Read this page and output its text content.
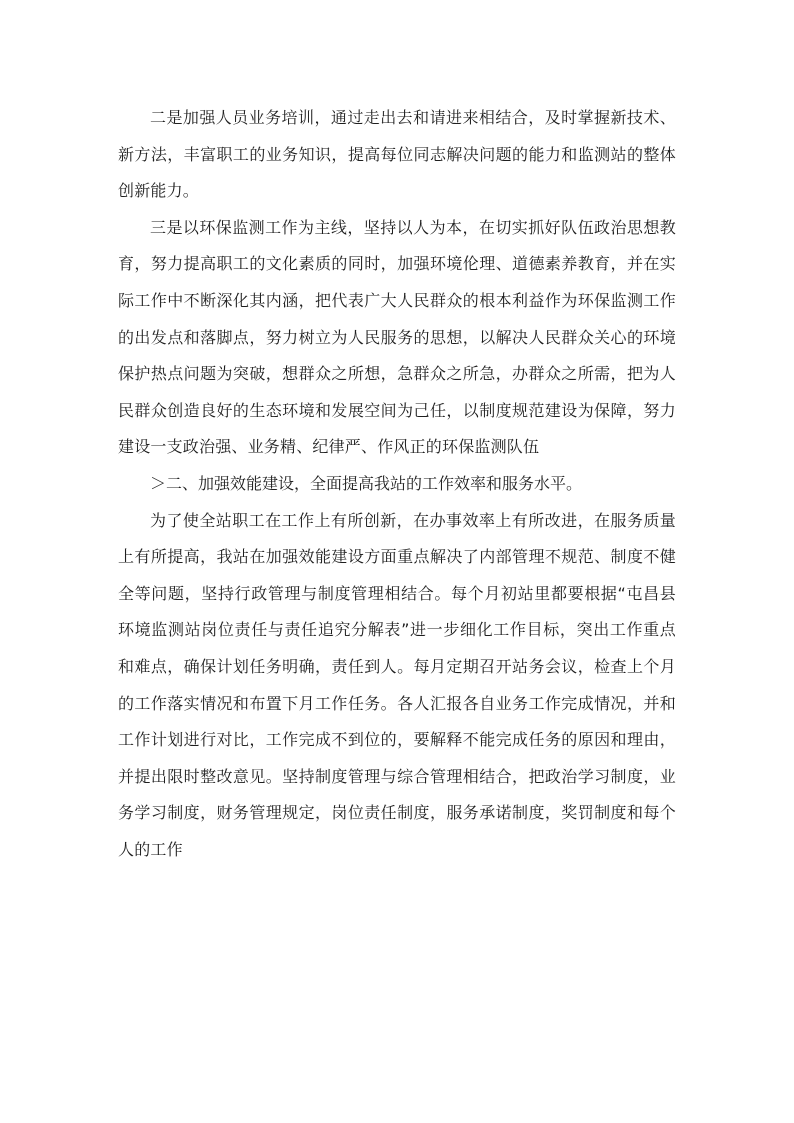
二是加强人员业务培训，通过走出去和请进来相结合，及时掌握新技术、新方法，丰富职工的业务知识，提高每位同志解决问题的能力和监测站的整体创新能力。

三是以环保监测工作为主线，坚持以人为本，在切实抓好队伍政治思想教育，努力提高职工的文化素质的同时，加强环境伦理、道德素养教育，并在实际工作中不断深化其内涵，把代表广大人民群众的根本利益作为环保监测工作的出发点和落脚点，努力树立为人民服务的思想，以解决人民群众关心的环境保护热点问题为突破，想群众之所想，急群众之所急，办群众之所需，把为人民群众创造良好的生态环境和发展空间为己任，以制度规范建设为保障，努力建设一支政治强、业务精、纪律严、作风正的环保监测队伍

＞二、加强效能建设，全面提高我站的工作效率和服务水平。

为了使全站职工在工作上有所创新，在办事效率上有所改进，在服务质量上有所提高，我站在加强效能建设方面重点解决了内部管理不规范、制度不健全等问题，坚持行政管理与制度管理相结合。每个月初站里都要根据“屯昌县环境监测站岗位责任与责任追究分解表”进一步细化工作目标，突出工作重点和难点，确保计划任务明确，责任到人。每月定期召开站务会议，检查上个月的工作落实情况和布置下月工作任务。各人汇报各自业务工作完成情况，并和工作计划进行对比，工作完成不到位的，要解释不能完成任务的原因和理由，并提出限时整改意见。坚持制度管理与综合管理相结合，把政治学习制度，业务学习制度，财务管理规定，岗位责任制度，服务承诺制度，奖罚制度和每个人的工作
